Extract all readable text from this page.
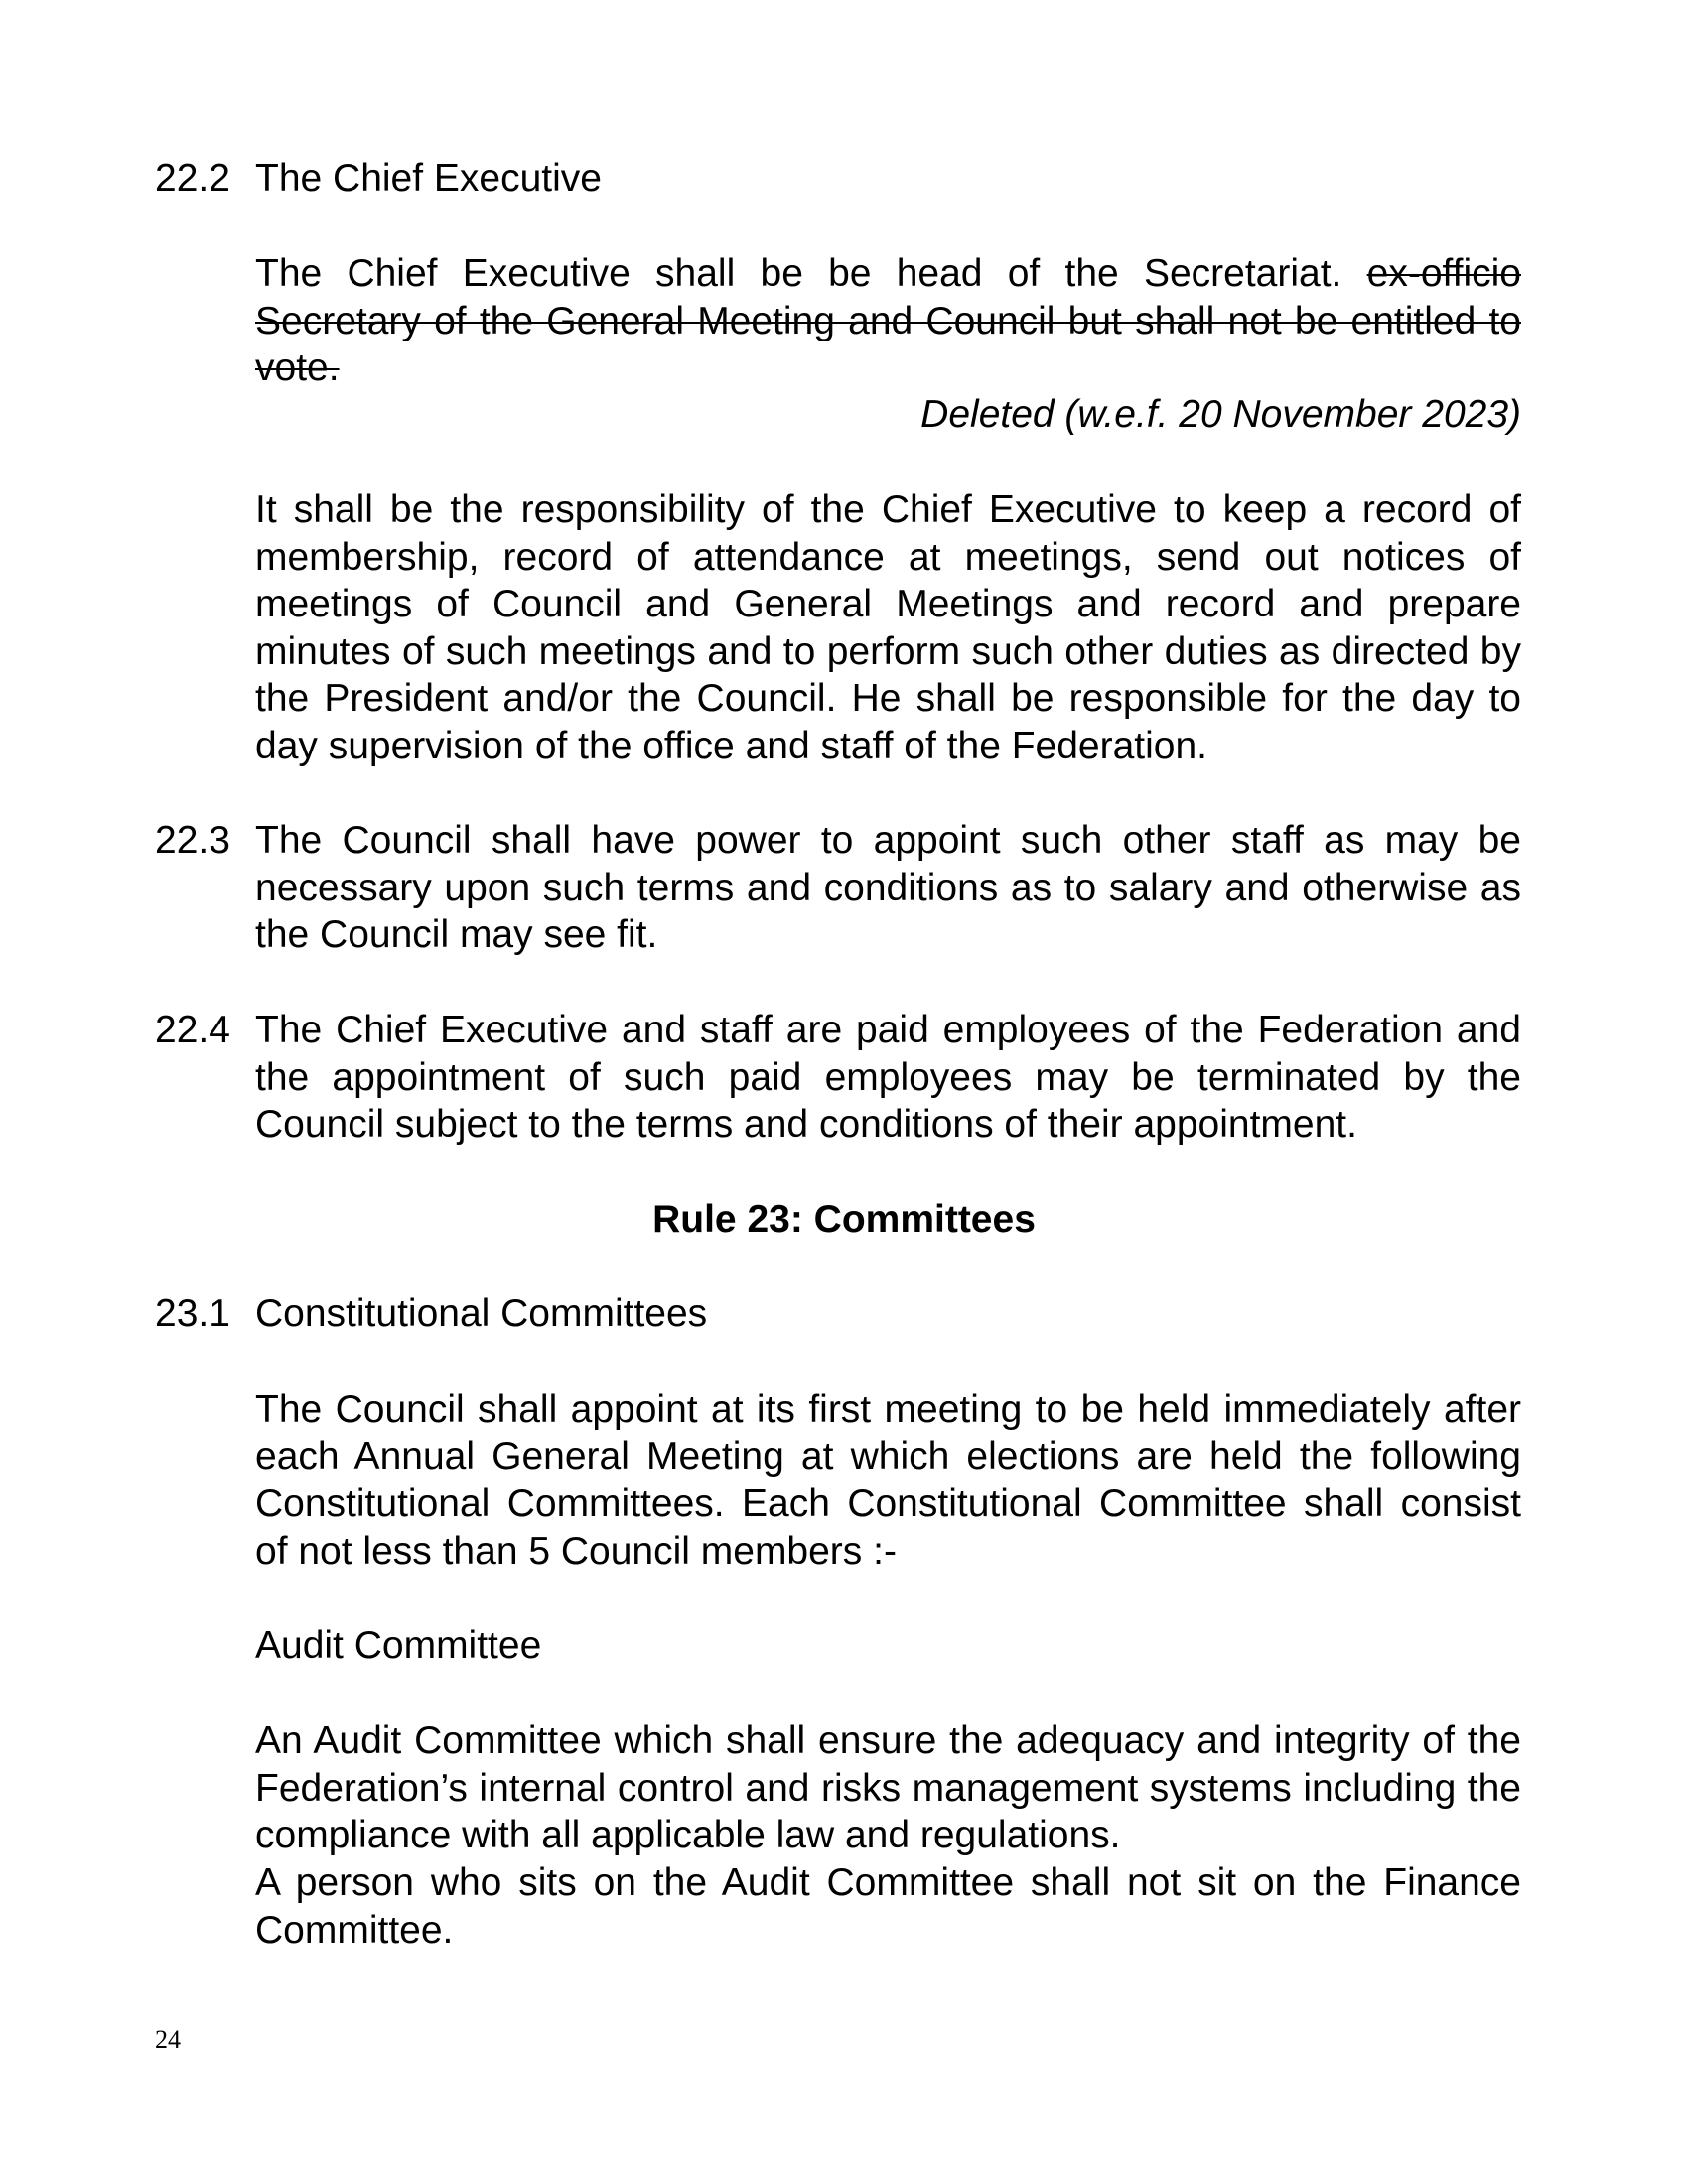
22.2 The Chief Executive
The Chief Executive shall be be head of the Secretariat. ex-officio Secretary of the General Meeting and Council but shall not be entitled to vote.
Deleted (w.e.f. 20 November 2023)
It shall be the responsibility of the Chief Executive to keep a record of membership, record of attendance at meetings, send out notices of meetings of Council and General Meetings and record and prepare minutes of such meetings and to perform such other duties as directed by the President and/or the Council. He shall be responsible for the day to day supervision of the office and staff of the Federation.
22.3 The Council shall have power to appoint such other staff as may be necessary upon such terms and conditions as to salary and otherwise as the Council may see fit.
22.4 The Chief Executive and staff are paid employees of the Federation and the appointment of such paid employees may be terminated by the Council subject to the terms and conditions of their appointment.
Rule 23: Committees
23.1 Constitutional Committees
The Council shall appoint at its first meeting to be held immediately after each Annual General Meeting at which elections are held the following Constitutional Committees. Each Constitutional Committee shall consist of not less than 5 Council members :-
Audit Committee
An Audit Committee which shall ensure the adequacy and integrity of the Federation’s internal control and risks management systems including the compliance with all applicable law and regulations.
A person who sits on the Audit Committee shall not sit on the Finance Committee.
24
